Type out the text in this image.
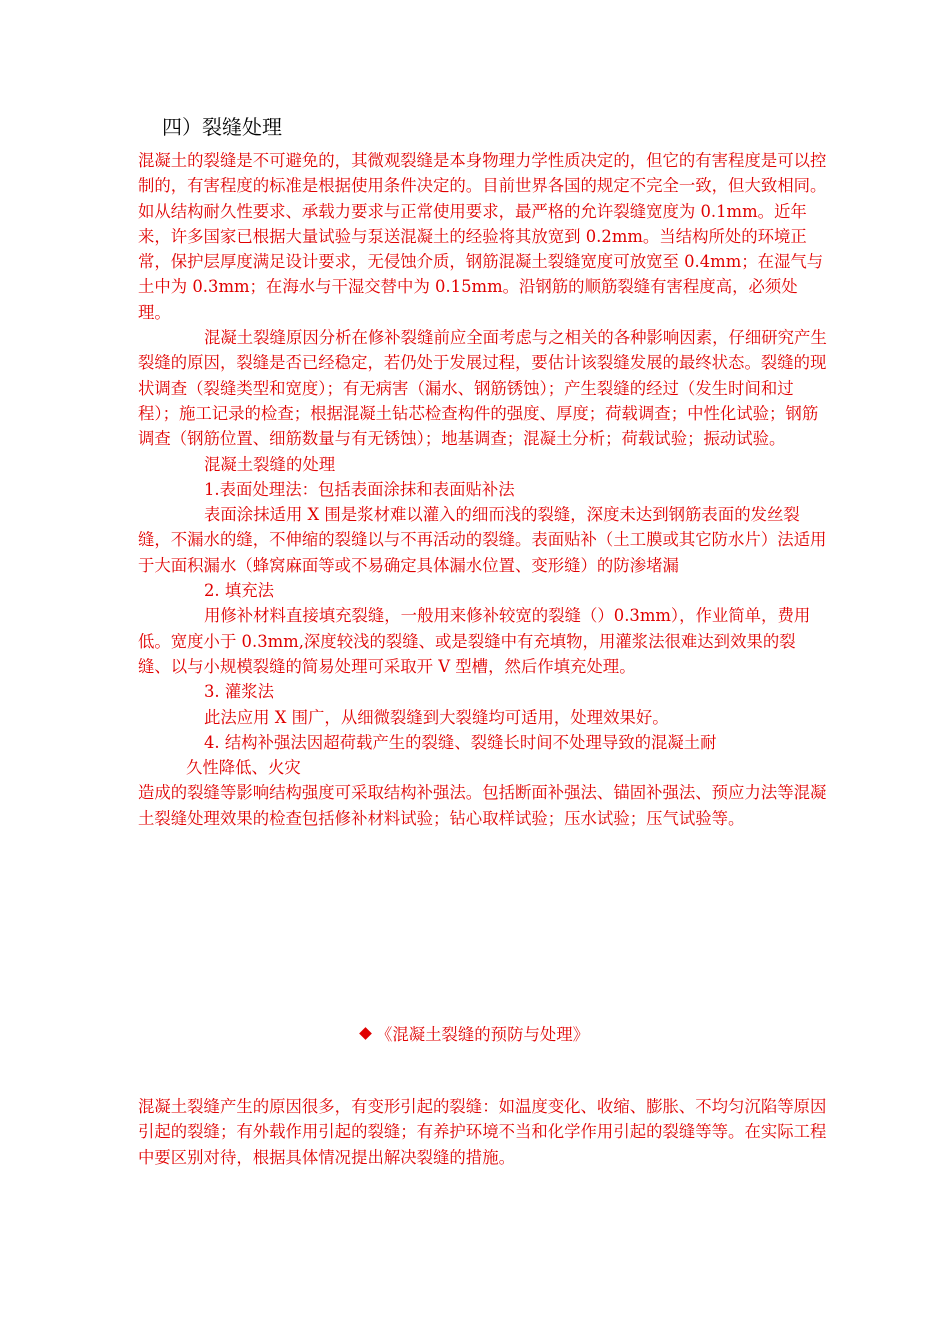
四）裂缝处理

混凝土的裂缝是不可避免的，其微观裂缝是本身物理力学性质决定的，但它的有害程度是可以控制的，有害程度的标准是根据使用条件决定的。目前世界各国的规定不完全一致，但大致相同。如从结构耐久性要求、承载力要求与正常使用要求，最严格的允许裂缝宽度为 0.1mm。近年来，许多国家已根据大量试验与泵送混凝土的经验将其放宽到 0.2mm。当结构所处的环境正常，保护层厚度满足设计要求，无侵蚀介质，钢筋混凝土裂缝宽度可放宽至 0.4mm；在湿气与土中为 0.3mm；在海水与干湿交替中为 0.15mm。沿钢筋的顺筋裂缝有害程度高，必须处理。

混凝土裂缝原因分析在修补裂缝前应全面考虑与之相关的各种影响因素，仔细研究产生裂缝的原因，裂缝是否已经稳定，若仍处于发展过程，要估计该裂缝发展的最终状态。裂缝的现状调查（裂缝类型和宽度）；有无病害（漏水、钢筋锈蚀）；产生裂缝的经过（发生时间和过程）；施工记录的检查；根据混凝土钻芯检查构件的强度、厚度；荷载调查；中性化试验；钢筋调查（钢筋位置、细筋数量与有无锈蚀）；地基调查；混凝土分析；荷载试验；振动试验。

混凝土裂缝的处理

1.表面处理法：包括表面涂抹和表面贴补法

表面涂抹适用 X 围是浆材难以灌入的细而浅的裂缝，深度未达到钢筋表面的发丝裂缝，不漏水的缝，不伸缩的裂缝以与不再活动的裂缝。表面贴补（土工膜或其它防水片）法适用于大面积漏水（蜂窝麻面等或不易确定具体漏水位置、变形缝）的防渗堵漏

2. 填充法

用修补材料直接填充裂缝，一般用来修补较宽的裂缝（）0.3mm），作业简单，费用低。宽度小于 0.3mm,深度较浅的裂缝、或是裂缝中有充填物，用灌浆法很难达到效果的裂缝、以与小规模裂缝的简易处理可采取开 V 型槽，然后作填充处理。

3. 灌浆法

此法应用 X 围广，从细微裂缝到大裂缝均可适用，处理效果好。

4. 结构补强法因超荷载产生的裂缝、裂缝长时间不处理导致的混凝土耐

久性降低、火灾

造成的裂缝等影响结构强度可采取结构补强法。包括断面补强法、锚固补强法、预应力法等混凝土裂缝处理效果的检查包括修补材料试验；钻心取样试验；压水试验；压气试验等。

《混凝土裂缝的预防与处理》

混凝土裂缝产生的原因很多，有变形引起的裂缝：如温度变化、收缩、膨胀、不均匀沉陷等原因引起的裂缝；有外载作用引起的裂缝；有养护环境不当和化学作用引起的裂缝等等。在实际工程中要区别对待，根据具体情况提出解决裂缝的措施。
